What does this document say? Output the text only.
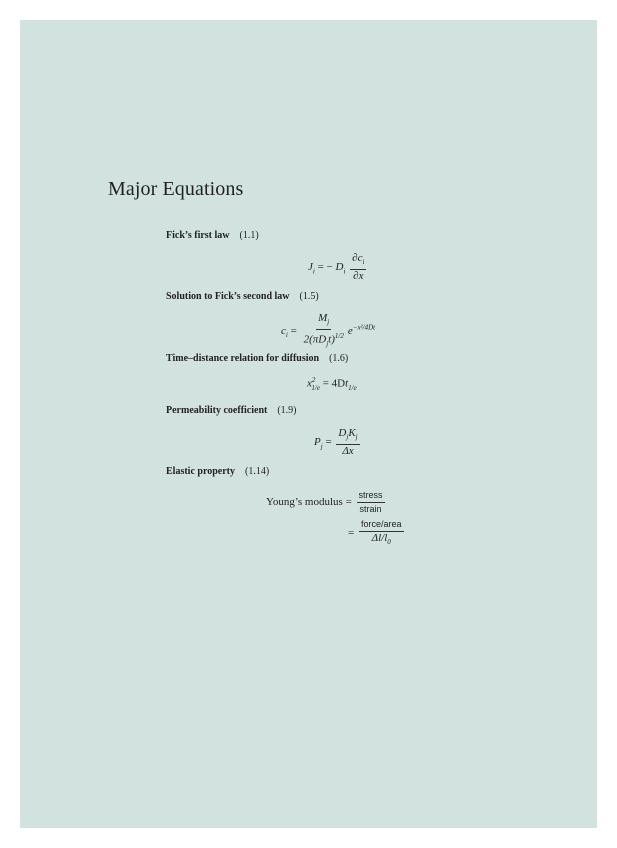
Major Equations
Fick’s first law (1.1)
$J_i$ = − $D_i \frac{\partial c_i}{\partial x}$
Solution to Fick’s second law (1.5)
$c_i = \frac{M_j}{2(\pi D_jt)^{1/2}} e^{-x^2/4Dt}$
Time–distance relation for diffusion (1.6)
$x^2_{1/e} = 4Dt_{1/e}$
Permeability coefficient (1.9)
$P_j = \frac{D_jK_j}{\Delta x}$
Elastic property (1.14)
Young’s modulus = $\frac{\text{stress}}{\text{strain}}$
= $\frac{\text{force/area}}{\Delta l/l_0}$
